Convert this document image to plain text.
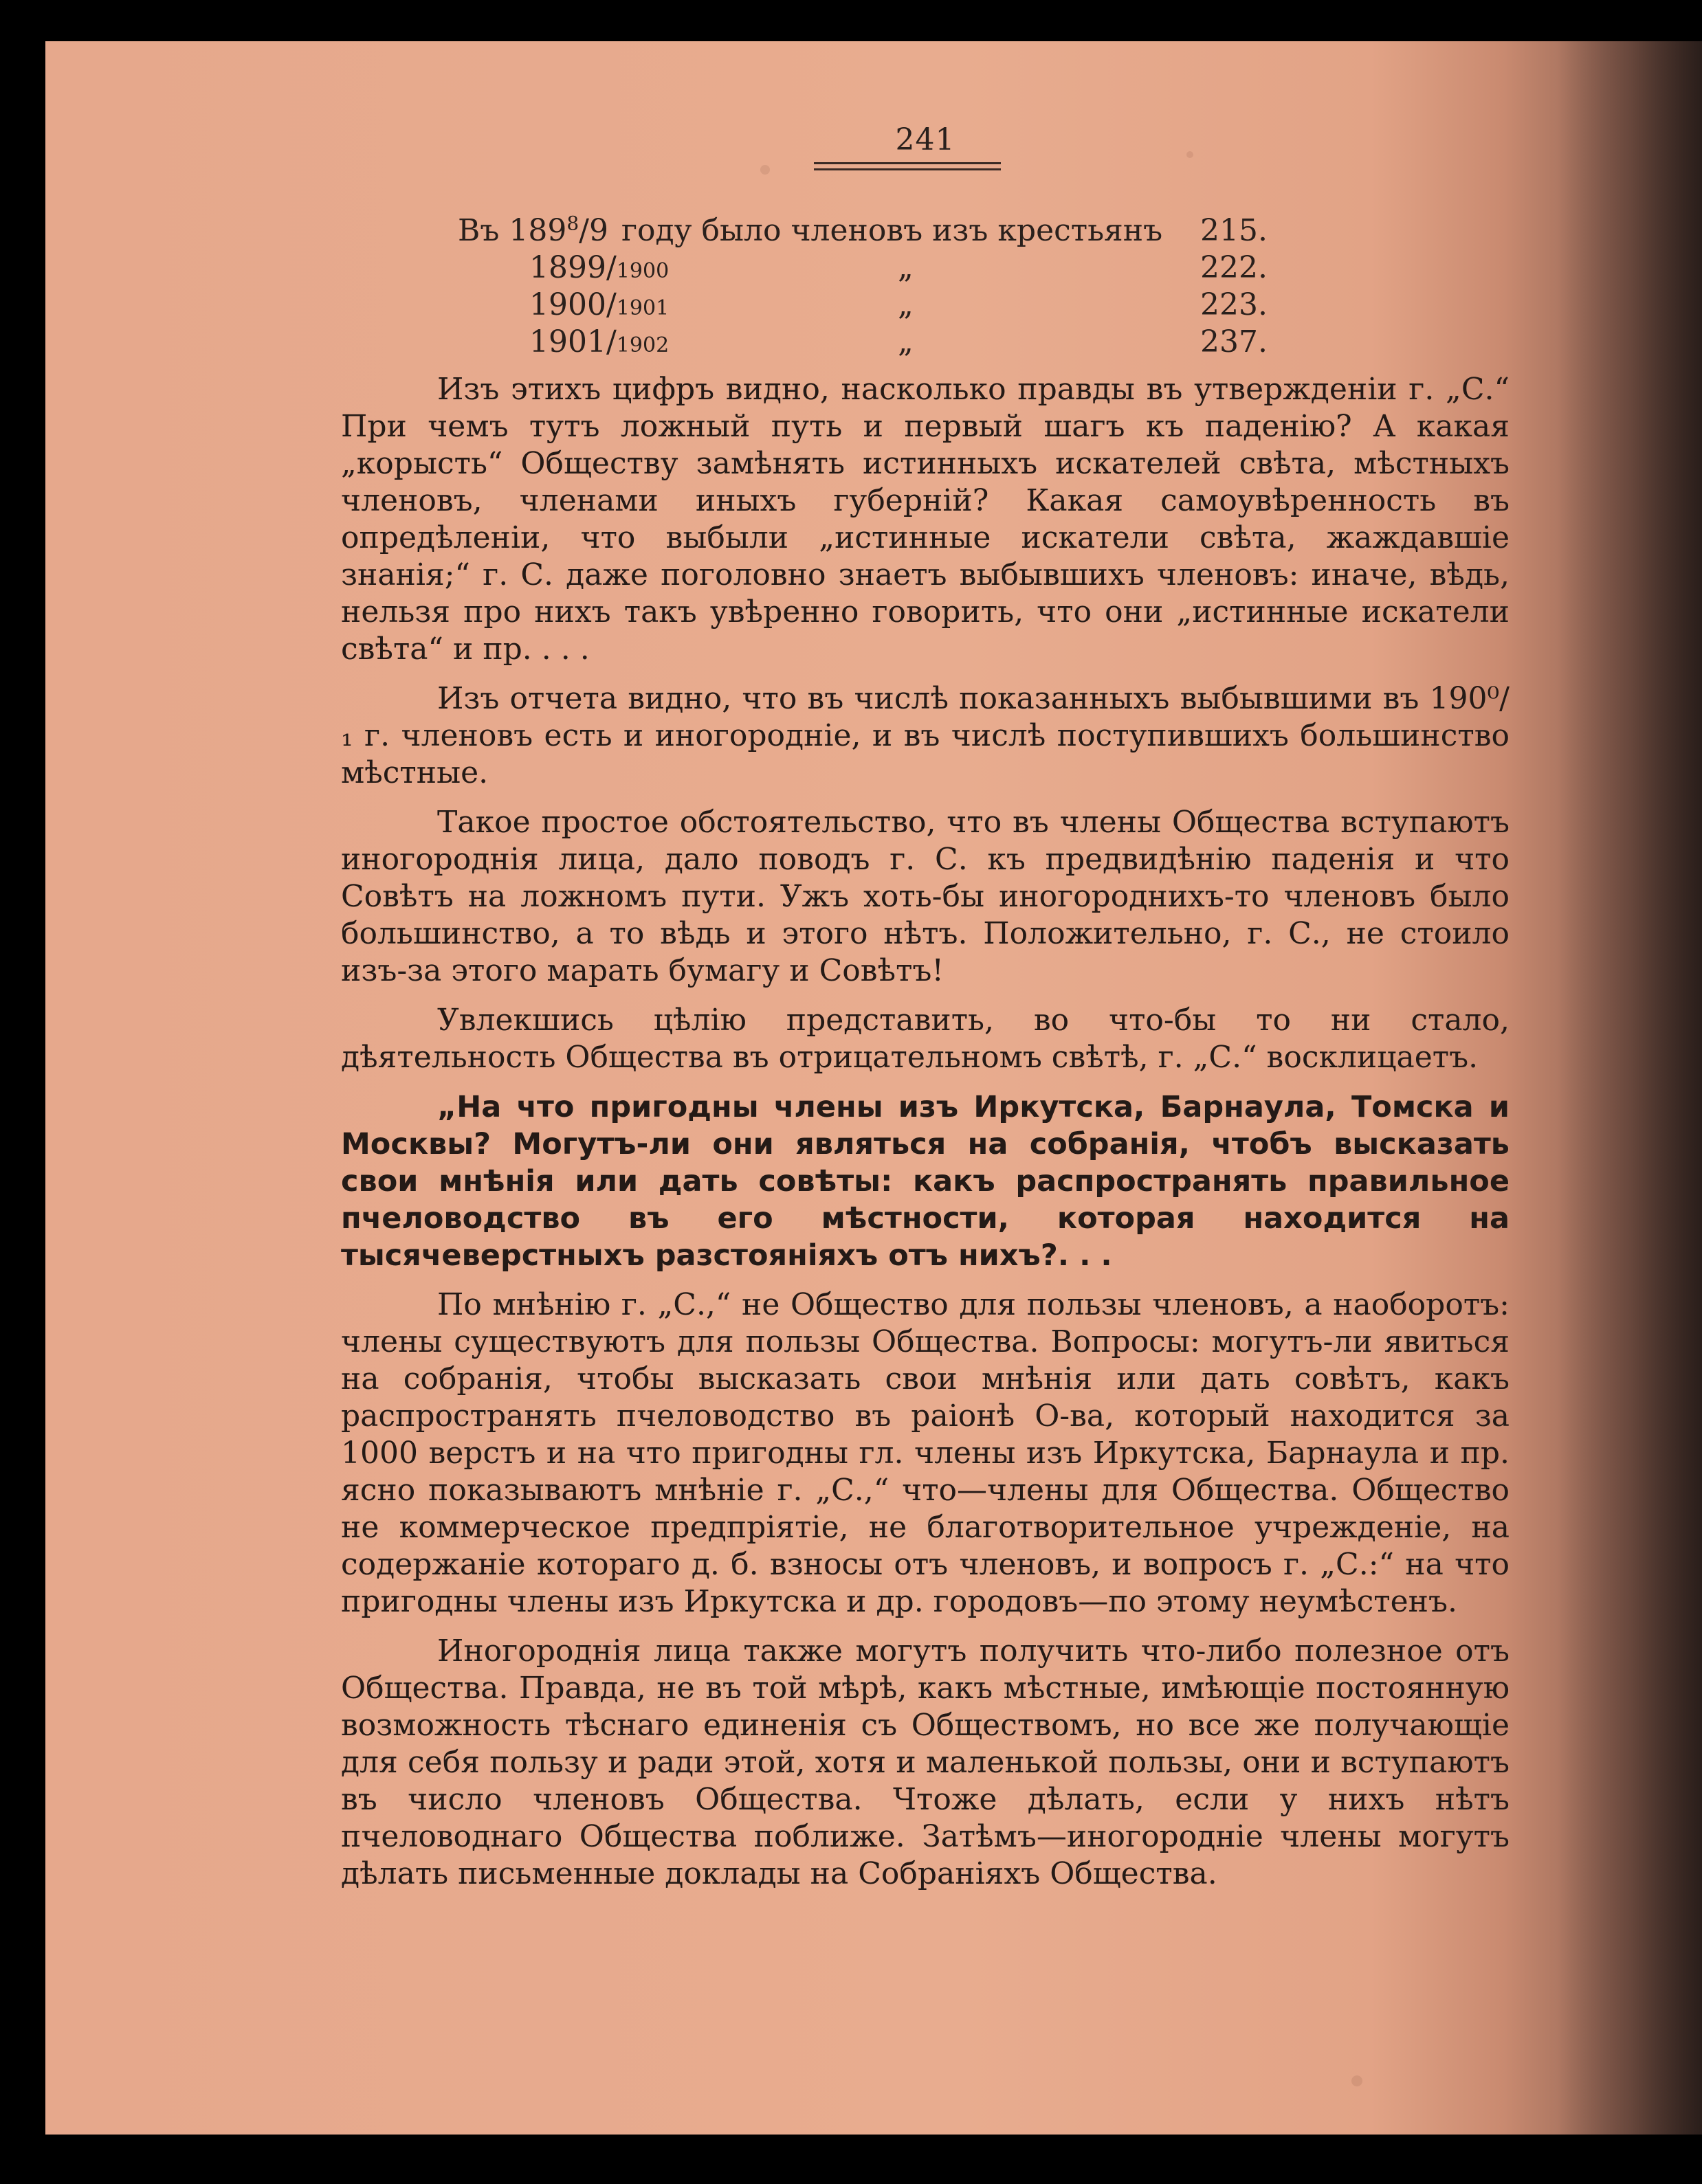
241
Въ $189^8/9$ году было членовъ изъ крестьянъ 215.
1899/1900	„	222.
1900/1901	„	223.
1901/1902	„	237.

Изъ этихъ цифръ видно, насколько правды въ утвержденіи г. „С.“ При чемъ тутъ ложный путь и первый шагъ къ паденію? А какая „корысть“ Обществу замѣнять истинныхъ искателей свѣта, мѣстныхъ членовъ, членами иныхъ губерній? Какая самоувѣренность въ опредѣленіи, что выбыли „истинные искатели свѣта, жаждавшіе знанія;“ г. С. даже поголовно знаетъ выбывшихъ членовъ: иначе, вѣдь, нельзя про нихъ такъ увѣренно говорить, что они „истинные искатели свѣта“ и пр. . . .

Изъ отчета видно, что въ числѣ показанныхъ выбывшими въ 190⁰/₁ г. членовъ есть и иногородніе, и въ числѣ поступившихъ большинство мѣстные.

Такое простое обстоятельство, что въ члены Общества вступаютъ иногороднія лица, дало поводъ г. С. къ предвидѣнію паденія и что Совѣтъ на ложномъ пути. Ужъ хоть-бы иногороднихъ-то членовъ было большинство, а то вѣдь и этого нѣтъ. Положительно, г. С., не стоило изъ-за этого марать бумагу и Совѣтъ!

Увлекшись цѣлію представить, во что-бы то ни стало, дѣятельность Общества въ отрицательномъ свѣтѣ, г. „С.“ восклицаетъ.

„На что пригодны члены изъ Иркутска, Барнаула, Томска и Москвы? Могутъ-ли они являться на собранія, чтобъ высказать свои мнѣнія или дать совѣты: какъ распространять правильное пчеловодство въ его мѣстности, которая находится на тысячеверстныхъ разстояніяхъ отъ нихъ?. . .

По мнѣнію г. „С.,“ не Общество для пользы членовъ, а наоборотъ: члены существуютъ для пользы Общества. Вопросы: могутъ-ли явиться на собранія, чтобы высказать свои мнѣнія или дать совѣтъ, какъ распространять пчеловодство въ раіонѣ О-ва, который находится за 1000 верстъ и на что пригодны гл. члены изъ Иркутска, Барнаула и пр. ясно показываютъ мнѣніе г. „С.,“ что—члены для Общества. Общество не коммерческое предпріятіе, не благотворительное учрежденіе, на содержаніе котораго д. б. взносы отъ членовъ, и вопросъ г. „С.:“ на что пригодны члены изъ Иркутска и др. городовъ—по этому неумѣстенъ.

Иногороднія лица также могутъ получить что-либо полезное отъ Общества. Правда, не въ той мѣрѣ, какъ мѣстные, имѣющіе постоянную возможность тѣснаго единенія съ Обществомъ, но все же получающіе для себя пользу и ради этой, хотя и маленькой пользы, они и вступаютъ въ число членовъ Общества. Чтоже дѣлать, если у нихъ нѣтъ пчеловоднаго Общества поближе. Затѣмъ—иногородніе члены могутъ дѣлать письменные доклады на Собраніяхъ Общества.
